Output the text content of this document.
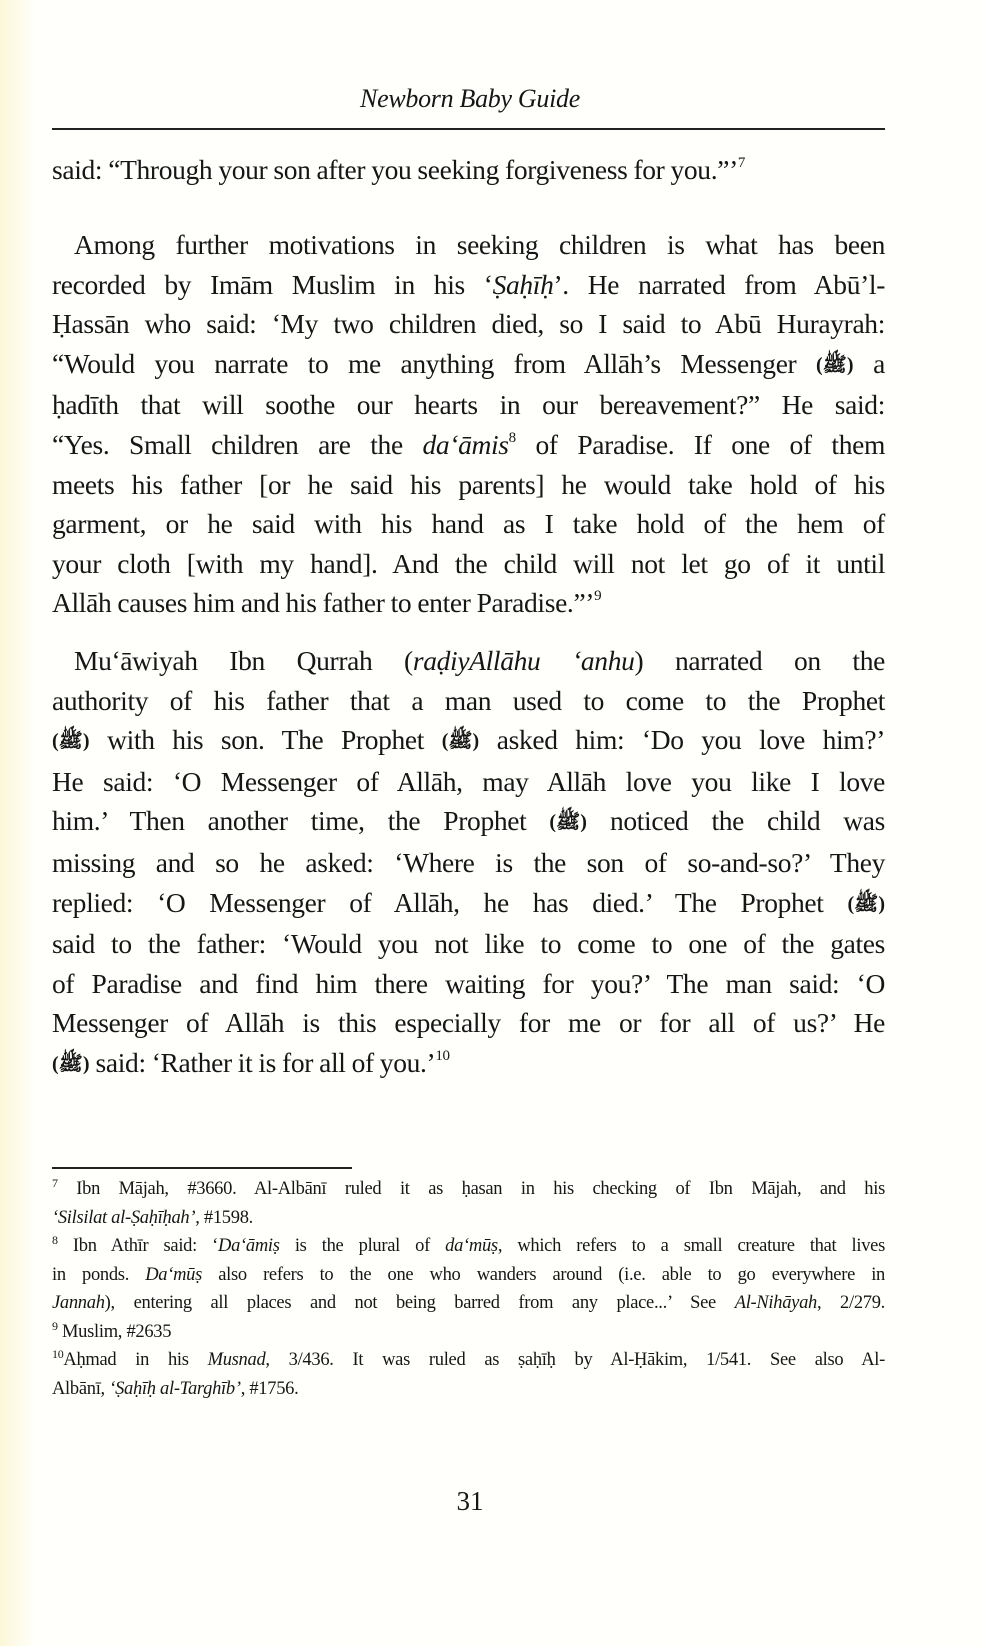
Newborn Baby Guide
said: “Through your son after you seeking forgiveness for you.”’$^7$
Among further motivations in seeking children is what has been
recorded by Imām Muslim in his ‘Ṣaḥīḥ’. He narrated from Abū’l-
Ḥassān who said: ‘My two children died, so I said to Abū Hurayrah:
“Would you narrate to me anything from Allāh’s Messenger (ﷺ) a
ḥadīth that will soothe our hearts in our bereavement?” He said:
“Yes. Small children are the da‘āmis$^8$ of Paradise. If one of them
meets his father [or he said his parents] he would take hold of his
garment, or he said with his hand as I take hold of the hem of
your cloth [with my hand]. And the child will not let go of it until
Allāh causes him and his father to enter Paradise.”’$^9$
Mu‘āwiyah Ibn Qurrah (raḍiyAllāhu ‘anhu) narrated on the
authority of his father that a man used to come to the Prophet
(ﷺ) with his son. The Prophet (ﷺ) asked him: ‘Do you love him?’
He said: ‘O Messenger of Allāh, may Allāh love you like I love
him.’ Then another time, the Prophet (ﷺ) noticed the child was
missing and so he asked: ‘Where is the son of so-and-so?’ They
replied: ‘O Messenger of Allāh, he has died.’ The Prophet (ﷺ)
said to the father: ‘Would you not like to come to one of the gates
of Paradise and find him there waiting for you?’ The man said: ‘O
Messenger of Allāh is this especially for me or for all of us?’ He
(ﷺ) said: ‘Rather it is for all of you.’$^{10}$
$^7$ Ibn Mājah, #3660. Al-Albānī ruled it as ḥasan in his checking of Ibn Mājah, and his
‘Silsilat al-Ṣaḥīḥah’, #1598.
$^8$ Ibn Athīr said: ‘Da‘āmiṣ is the plural of da‘mūṣ, which refers to a small creature that lives
in ponds. Da‘mūṣ also refers to the one who wanders around (i.e. able to go everywhere in
Jannah), entering all places and not being barred from any place...’ See Al-Nihāyah, 2/279.
$^9$ Muslim, #2635
$^{10}$Aḥmad in his Musnad, 3/436. It was ruled as ṣaḥīḥ by Al-Ḥākim, 1/541. See also Al-
Albānī, ‘Ṣaḥīḥ al-Targhīb’, #1756.
31
